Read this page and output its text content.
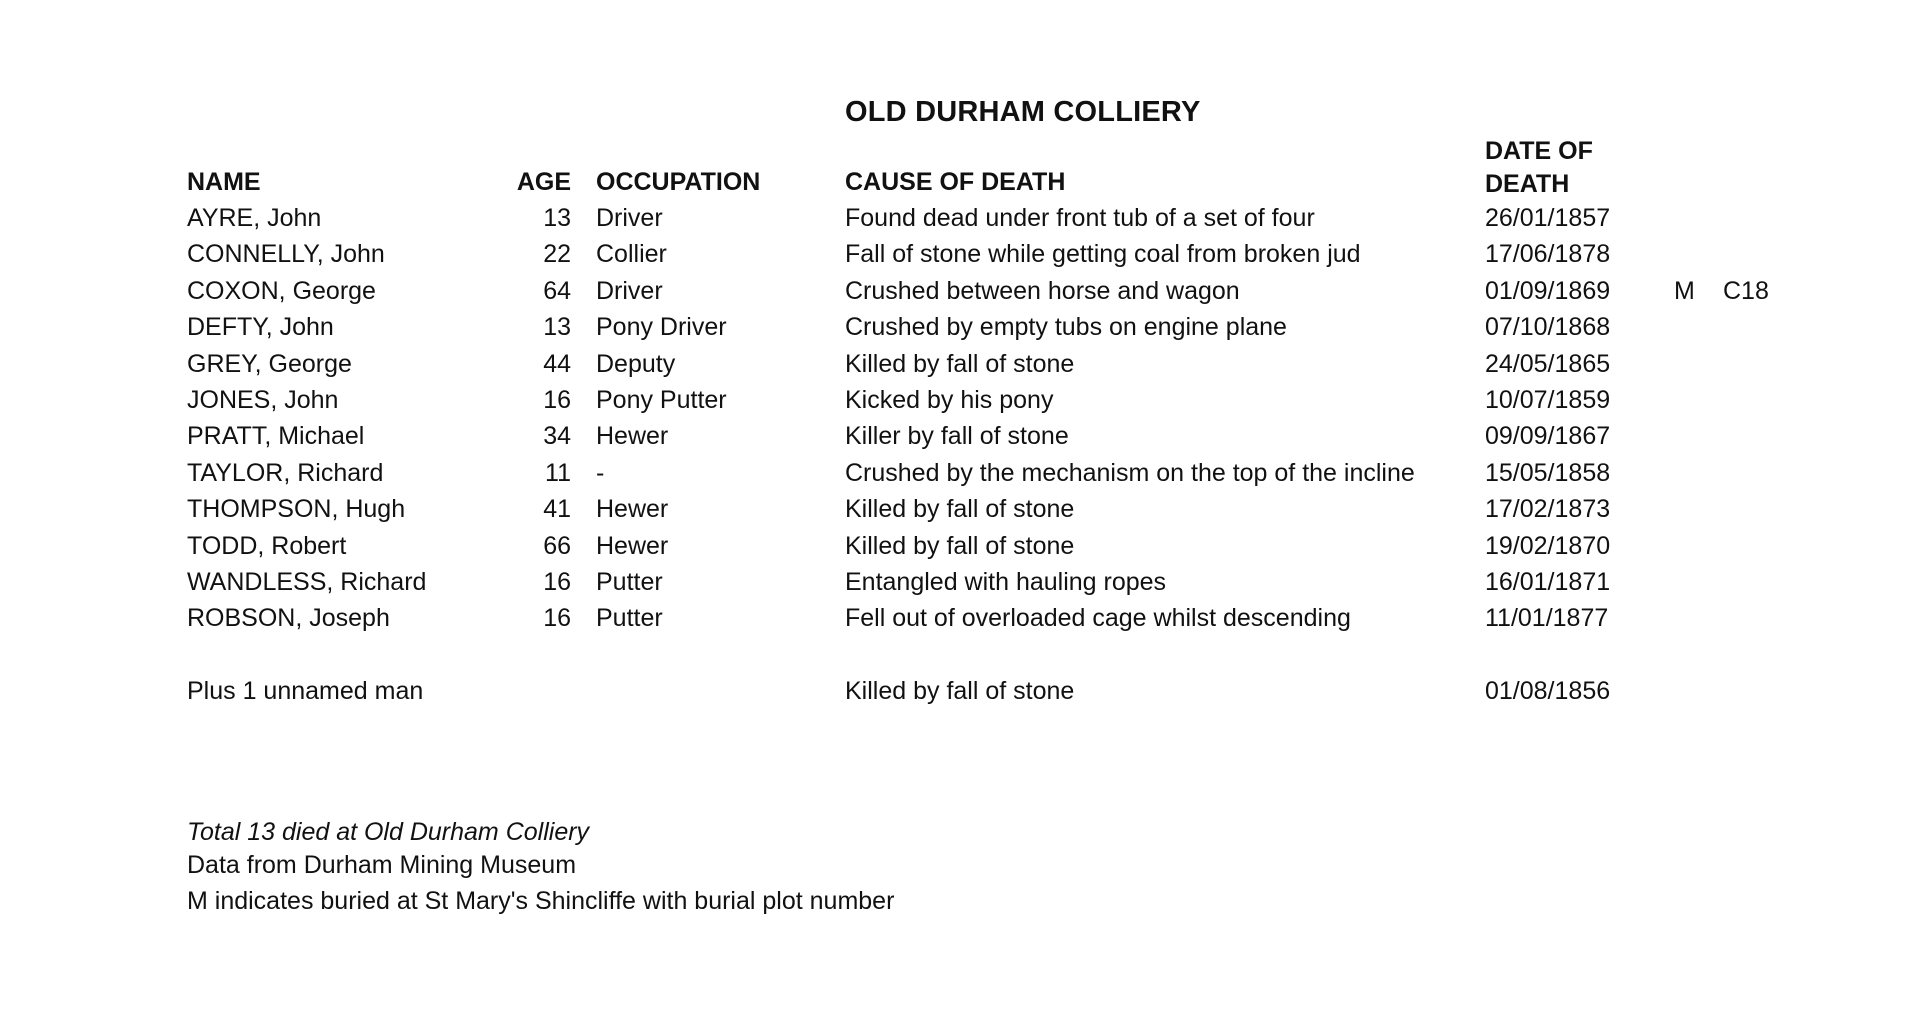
OLD DURHAM COLLIERY
NAME	AGE OCCUPATION	CAUSE OF DEATH
DATE OF
DEATH
AYRE, John	13 Driver	Found dead under front tub of a set of four	26/01/1857
CONNELLY, John	22 Collier	Fall of stone while getting coal from broken jud	17/06/1878
COXON, George	64 Driver	Crushed between horse and wagon	01/09/1869	M C18
DEFTY, John	13 Pony Driver	Crushed by empty tubs on engine plane	07/10/1868
GREY, George	44 Deputy	Killed by fall of stone	24/05/1865
JONES, John	16 Pony Putter	Kicked by his pony	10/07/1859
PRATT, Michael	34 Hewer	Killer by fall of stone	09/09/1867
TAYLOR, Richard	11 -	Crushed by the mechanism on the top of the incline	15/05/1858
THOMPSON, Hugh	41 Hewer	Killed by fall of stone	17/02/1873
TODD, Robert	66 Hewer	Killed by fall of stone	19/02/1870
WANDLESS, Richard	16 Putter	Entangled with hauling ropes	16/01/1871
ROBSON, Joseph	16 Putter	Fell out of overloaded cage whilst descending	11/01/1877
Plus 1 unnamed man	Killed by fall of stone	01/08/1856
Total 13 died at Old Durham Colliery
Data from Durham Mining Museum
M indicates buried at St Mary's Shincliffe with burial plot number
